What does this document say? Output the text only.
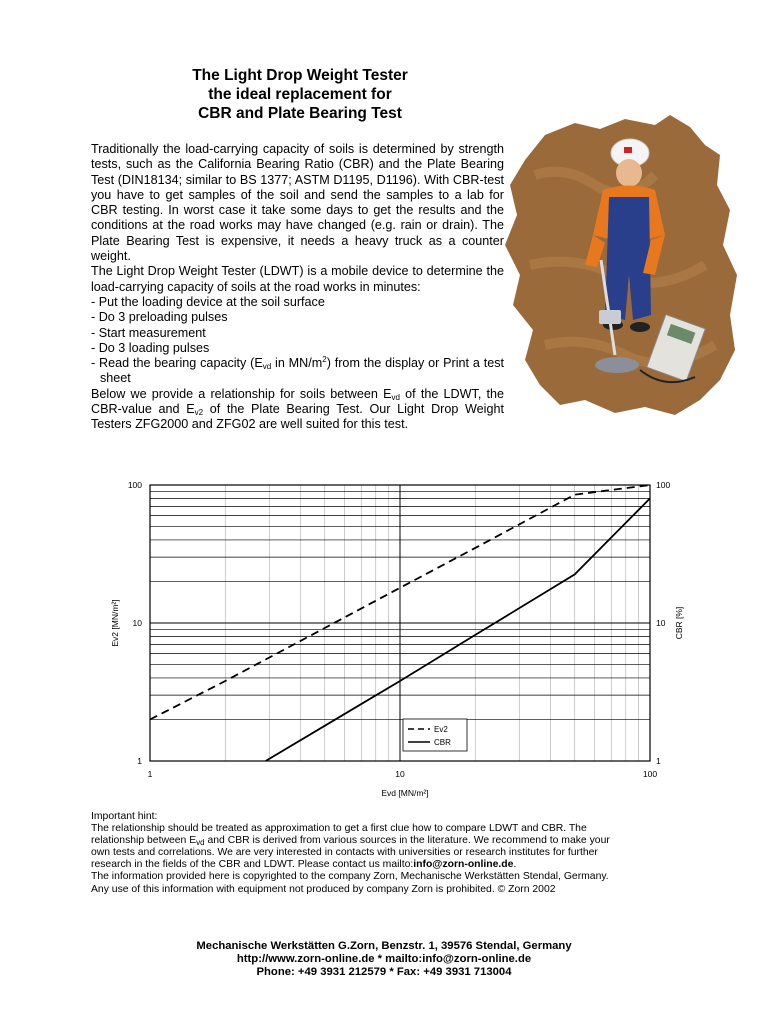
The Light Drop Weight Tester
the ideal replacement for
CBR and Plate Bearing Test

Traditionally the load-carrying capacity of soils is determined by strength tests, such as the California Bearing Ratio (CBR) and the Plate Bearing Test (DIN18134; similar to BS 1377; ASTM D1195, D1196). With CBR-test you have to get samples of the soil and send the samples to a lab for CBR testing. In worst case it take some days to get the results and the conditions at the road works may have changed (e.g. rain or drain). The Plate Bearing Test is expensive, it needs a heavy truck as a counter weight.

The Light Drop Weight Tester (LDWT) is a mobile device to determine the load-carrying capacity of soils at the road works in minutes:

- Put the loading device at the soil surface
- Do 3 preloading pulses
- Start measurement
- Do 3 loading pulses
- Read the bearing capacity ($E_{vd}$ in $MN/m^2$) from the display or Print a test sheet

Below we provide a relationship for soils between $E_{vd}$ of the LDWT, the CBR-value and $E_{v2}$ of the Plate Bearing Test. Our Light Drop Weight Testers ZFG2000 and ZFG02 are well suited for this test.

1
10
100
1
10
100
1	10	100
Evd [MN/m²]
Ev2 [MN/m²]	CBR [%]
Ev2
CBR

Important hint:

The relationship should be treated as approximation to get a first clue how to compare LDWT and CBR. The

relationship between $E_{vd}$ and CBR is derived from various sources in the literature. We recommend to make your

own tests and correlations. We are very interested in contacts with universities or research institutes for further

research in the fields of the CBR and LDWT. Please contact us mailto:info@zorn-online.de.

The information provided here is copyrighted to the company Zorn, Mechanische Werkstätten Stendal, Germany.

Any use of this information with equipment not produced by company Zorn is prohibited. © Zorn 2002

Mechanische Werkstätten G.Zorn, Benzstr. 1, 39576 Stendal, Germany
http://www.zorn-online.de * mailto:info@zorn-online.de
Phone: +49 3931 212579 * Fax: +49 3931 713004
